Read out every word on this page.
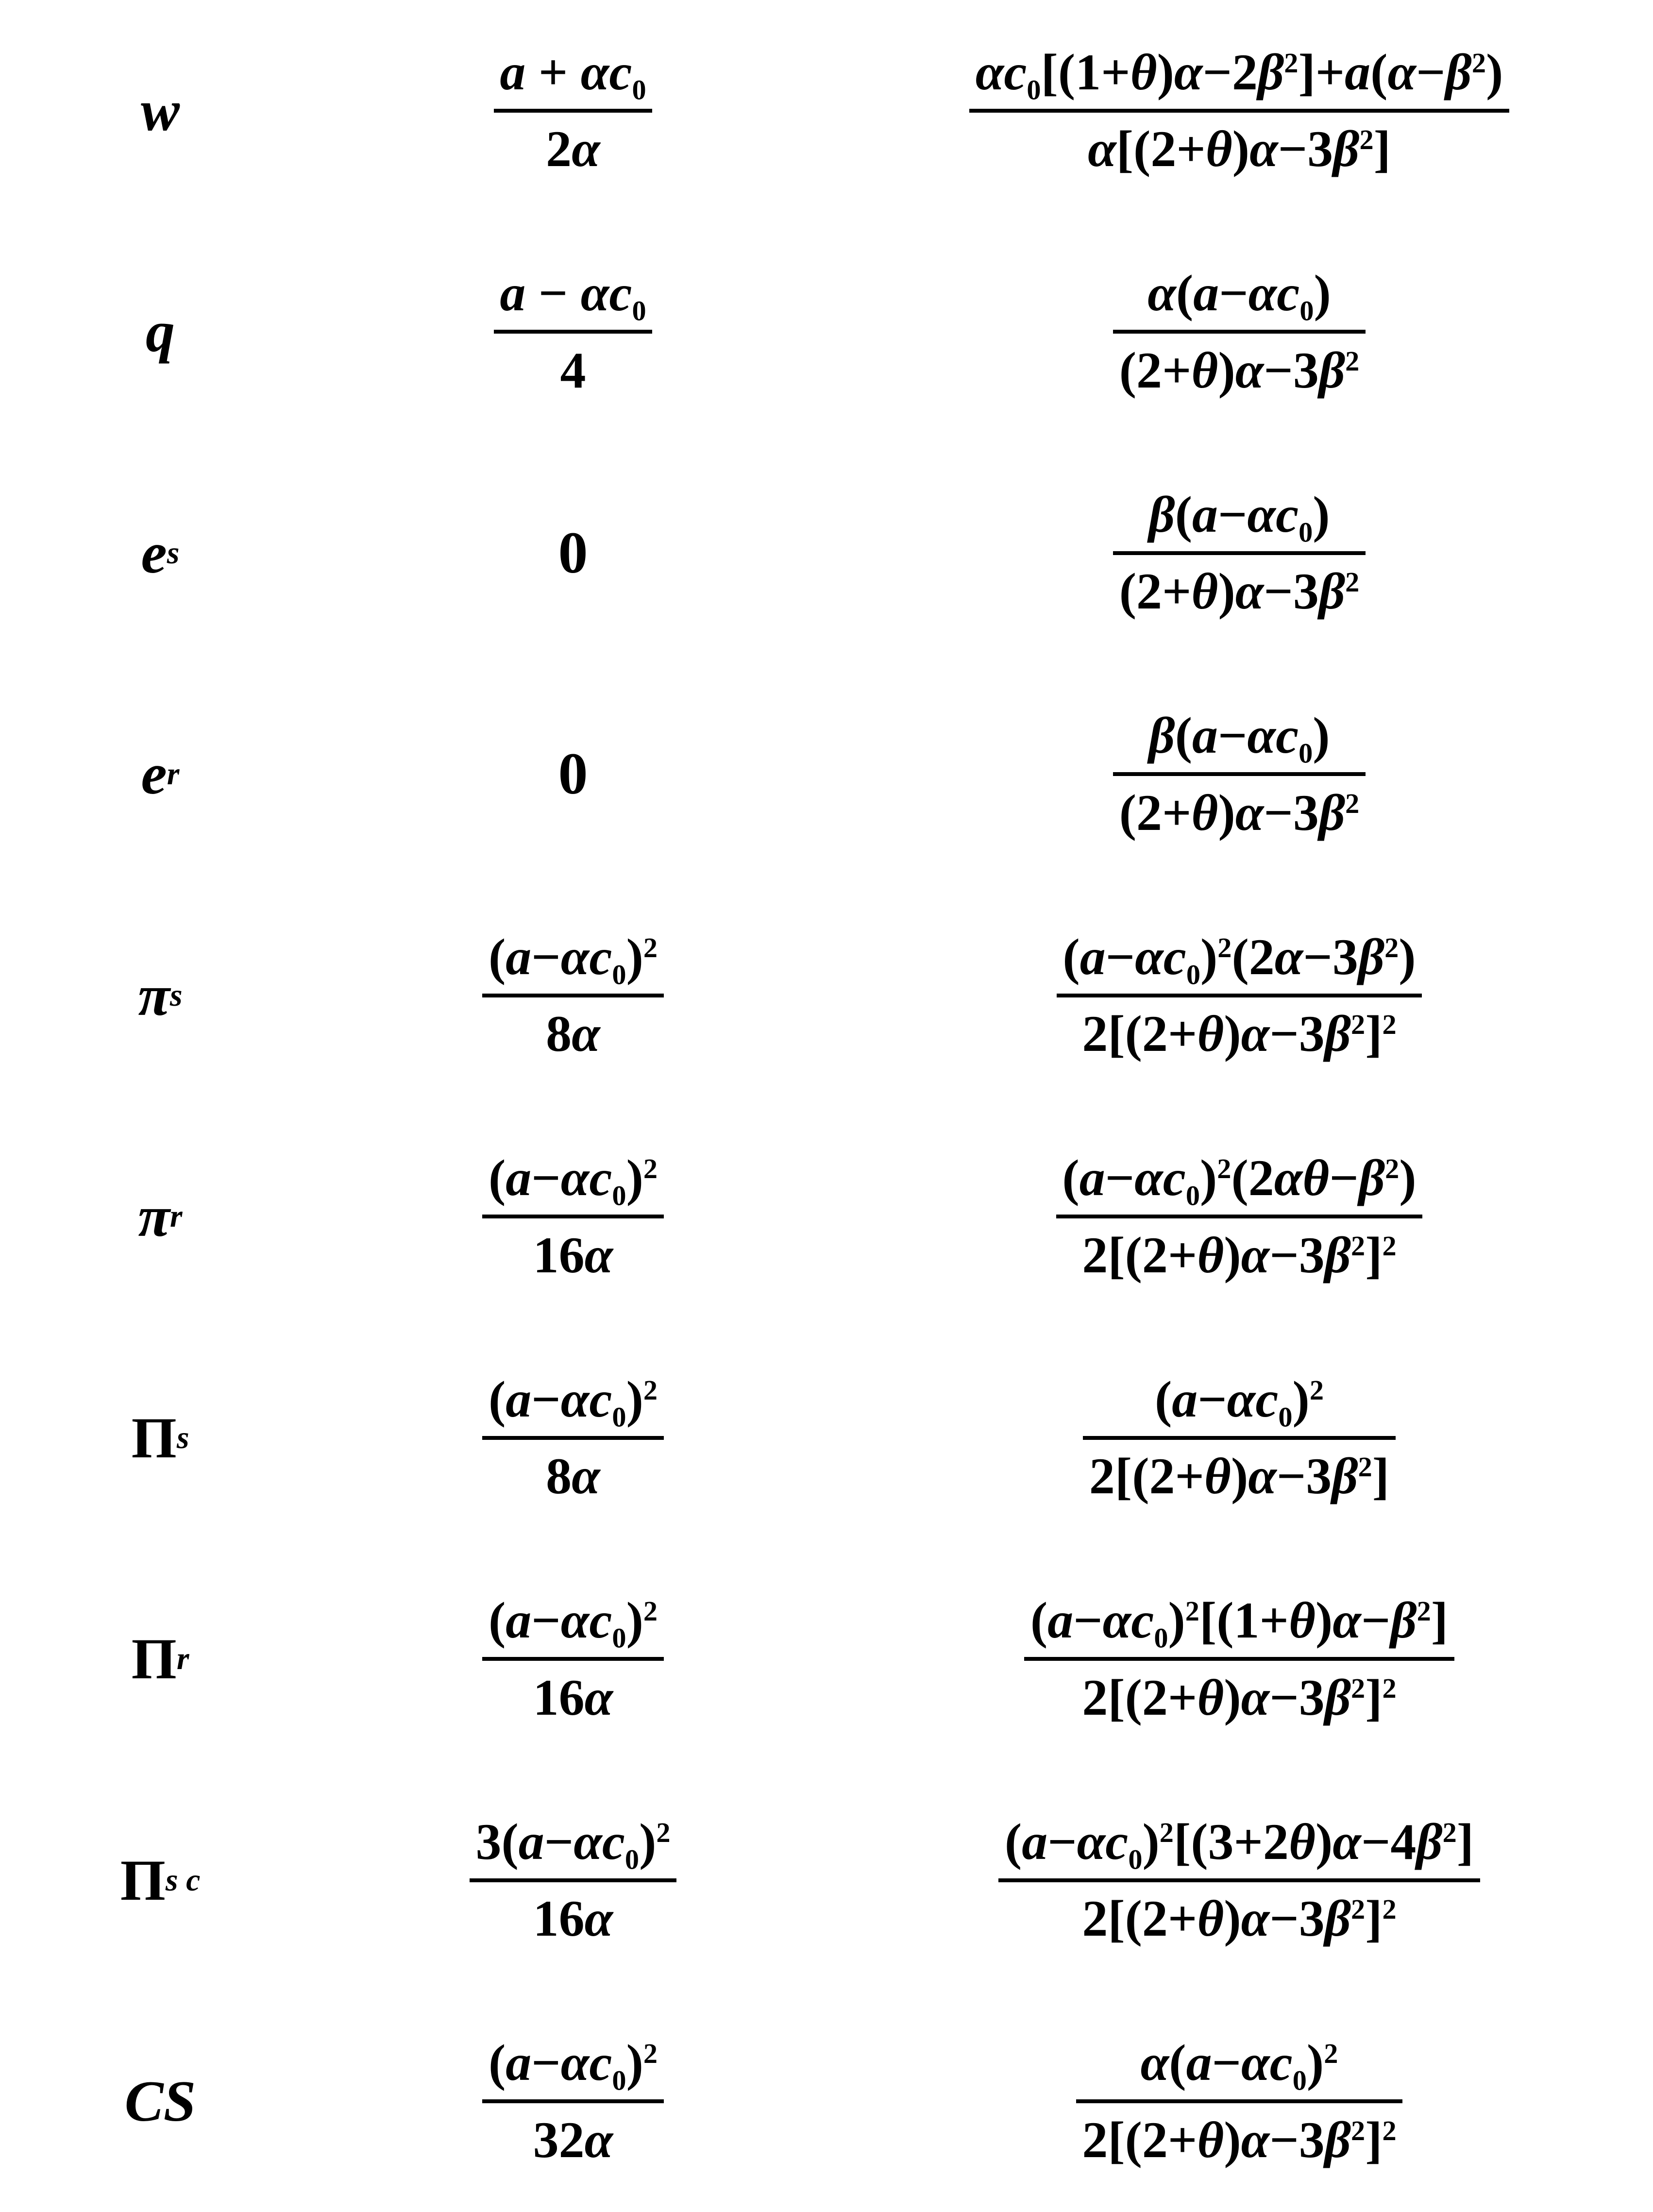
w
$a + \alpha c_0$
2α
$\alpha c_0[(1+\theta)\alpha-2\beta^2]+a(\alpha-\beta^2)$
$\alpha[(2+\theta)\alpha-3\beta^2]$
q
$a - \alpha c_0$
4
$\alpha(a-\alpha c_0)$
$(2+\theta)\alpha-3\beta^2$
e s	0
$\beta(a-\alpha c_0)$
$(2+\theta)\alpha-3\beta^2$
e r	0
$\beta(a-\alpha c_0)$
$(2+\theta)\alpha-3\beta^2$
π s
$(a-\alpha c_0)^2$
8α
$(a-\alpha c_0)^2(2\alpha-3\beta^2)$
$2[(2+\theta)\alpha-3\beta^2]^2$
π r
$(a-\alpha c_0)^2$
16α
$(a-\alpha c_0)^2(2\alpha\theta-\beta^2)$
$2[(2+\theta)\alpha-3\beta^2]^2$
Π s
$(a-\alpha c_0)^2$
8α
$(a-\alpha c_0)^2$
$2[(2+\theta)\alpha-3\beta^2]$
Π r
$(a-\alpha c_0)^2$
16α
$(a-\alpha c_0)^2[(1+\theta)\alpha-\beta^2]$
$2[(2+\theta)\alpha-3\beta^2]^2$
Π s c
$3(a-\alpha c_0)^2$
16α
$(a-\alpha c_0)^2[(3+2\theta)\alpha-4\beta^2]$
$2[(2+\theta)\alpha-3\beta^2]^2$
C S
$(a-\alpha c_0)^2$
32α
$\alpha(a-\alpha c_0)^2$
$2[(2+\theta)\alpha-3\beta^2]^2$
